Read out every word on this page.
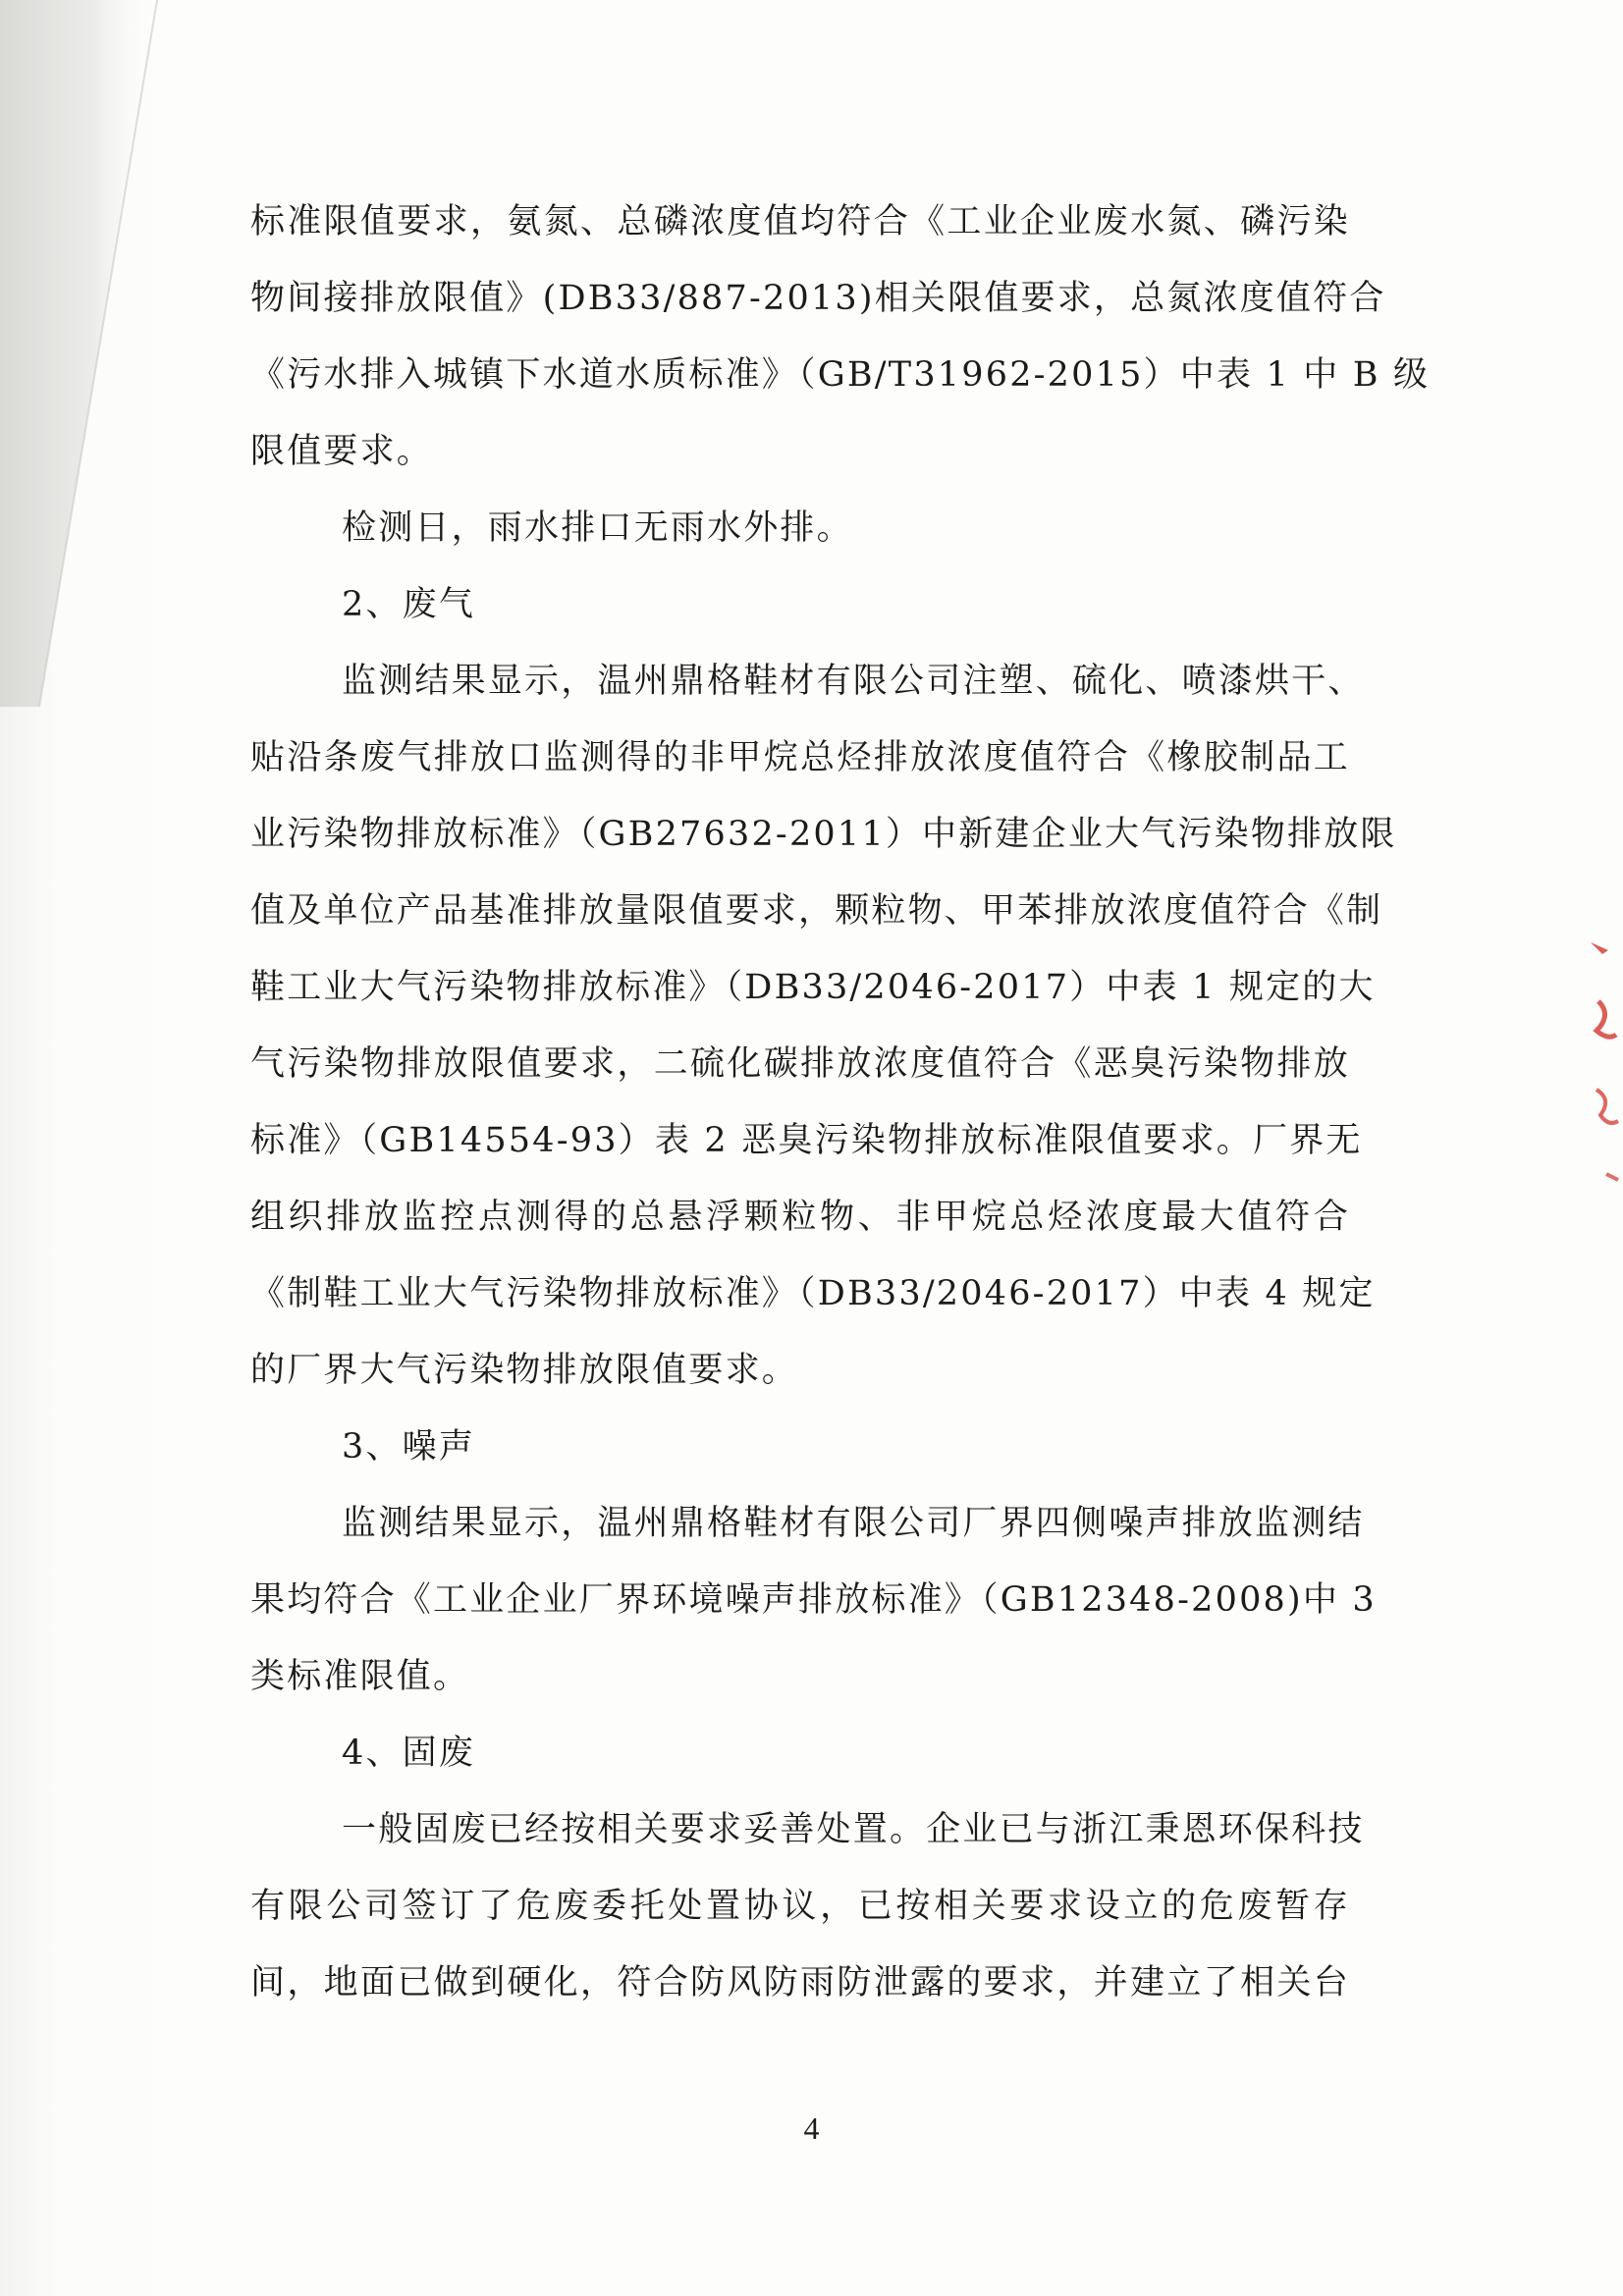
标准限值要求，氨氮、总磷浓度值均符合《工业企业废水氮、磷污染
物间接排放限值》(DB33/887-2013)相关限值要求，总氮浓度值符合
《污水排入城镇下水道水质标准》（GB/T31962-2015）中表 1 中 B 级
限值要求。
检测日，雨水排口无雨水外排。
2、废气
监测结果显示，温州鼎格鞋材有限公司注塑、硫化、喷漆烘干、
贴沿条废气排放口监测得的非甲烷总烃排放浓度值符合《橡胶制品工
业污染物排放标准》（GB27632-2011）中新建企业大气污染物排放限
值及单位产品基准排放量限值要求，颗粒物、甲苯排放浓度值符合《制
鞋工业大气污染物排放标准》（DB33/2046-2017）中表 1 规定的大
气污染物排放限值要求，二硫化碳排放浓度值符合《恶臭污染物排放
标准》（GB14554-93）表 2 恶臭污染物排放标准限值要求。厂界无
组织排放监控点测得的总悬浮颗粒物、非甲烷总烃浓度最大值符合
《制鞋工业大气污染物排放标准》（DB33/2046-2017）中表 4 规定
的厂界大气污染物排放限值要求。
3、噪声
监测结果显示，温州鼎格鞋材有限公司厂界四侧噪声排放监测结
果均符合《工业企业厂界环境噪声排放标准》（GB12348-2008)中 3
类标准限值。
4、固废
一般固废已经按相关要求妥善处置。企业已与浙江秉恩环保科技
有限公司签订了危废委托处置协议，已按相关要求设立的危废暂存
间，地面已做到硬化，符合防风防雨防泄露的要求，并建立了相关台
4
